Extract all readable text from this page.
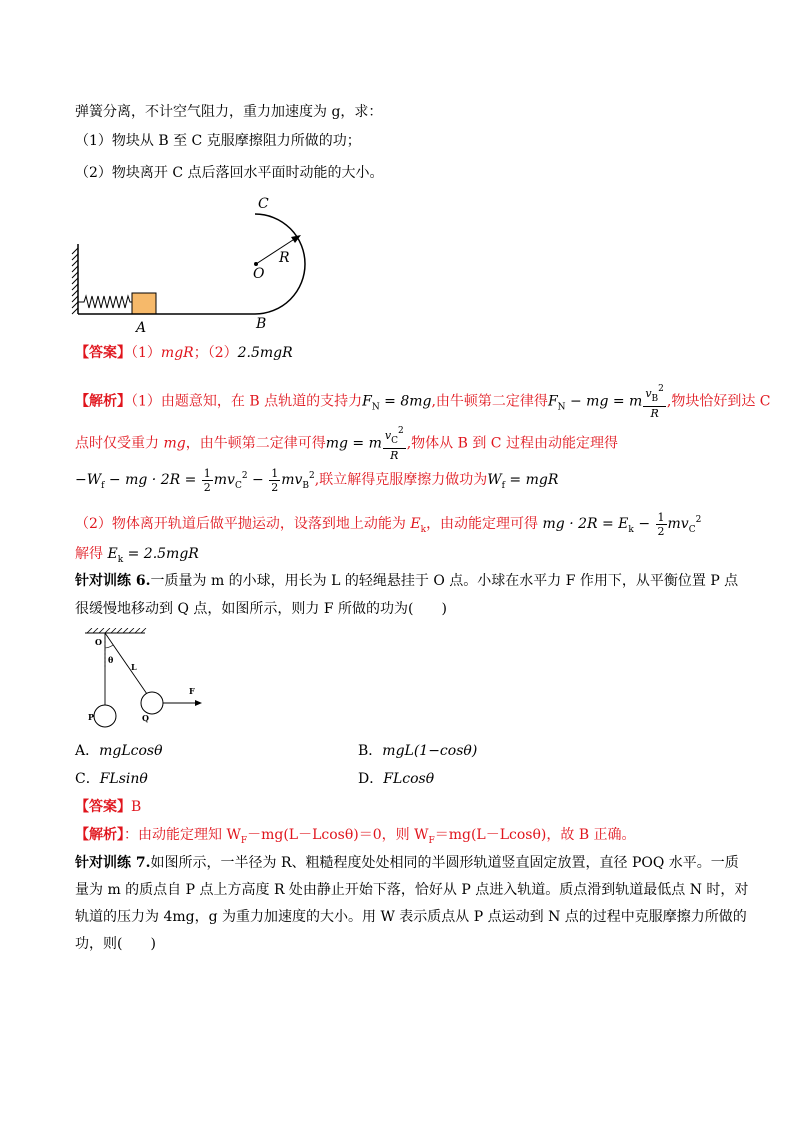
弹簧分离，不计空气阻力，重力加速度为 g，求：
（1）物块从 B 至 C 克服摩擦阻力所做的功；
（2）物块离开 C 点后落回水平面时动能的大小。
C
R
O
A	B
【答案】（1）mgR；（2）2.5mgR
【解析】（1）由题意知，在 B 点轨道的支持力$F_N = 8mg$,由牛顿第二定律得$F_N$ − mg = m $\frac{v_B^2}{R}$ ,物块恰好到达 C
点时仅受重力 mg，由牛顿第二定律可得mg = m $\frac{v_C^2}{R}$ ,物体从 B 到 C 过程由动能定理得
$-W_f$ − mg · $2R = \frac{1}{2} mv_C^2 - \frac{1}{2} mv_B^2$,联立解得克服摩擦力做功为$W_f$ = mgR
（2）物体离开轨道后做平抛运动，设落到地上动能为 $E_k$，由动能定理可得 mg · $2R = E_k - \frac{1}{2} mv_C^2$
解得 $E_k = 2.5mgR$
针对训练 6.一质量为 m 的小球，用长为 L 的轻绳悬挂于 O 点。小球在水平力 F 作用下，从平衡位置 P 点
很缓慢地移动到 Q 点，如图所示，则力 F 所做的功为(　　)
O
θ
L
F
P	Q
A．mgLcosθ	B．mgL(1−cosθ)
C．FLsinθ	D．FLcosθ
【答案】B
【解析】：由动能定理知 $W_F-mg(L-Lcos\theta)=0$，则 $W_F=mg(L-Lcos\theta)$，故 B 正确。
针对训练 7.如图所示，一半径为 R、粗糙程度处处相同的半圆形轨道竖直固定放置，直径 POQ 水平。一质
量为 m 的质点自 P 点上方高度 R 处由静止开始下落，恰好从 P 点进入轨道。质点滑到轨道最低点 N 时，对
轨道的压力为 4mg，g 为重力加速度的大小。用 W 表示质点从 P 点运动到 N 点的过程中克服摩擦力所做的
功，则(　　)
